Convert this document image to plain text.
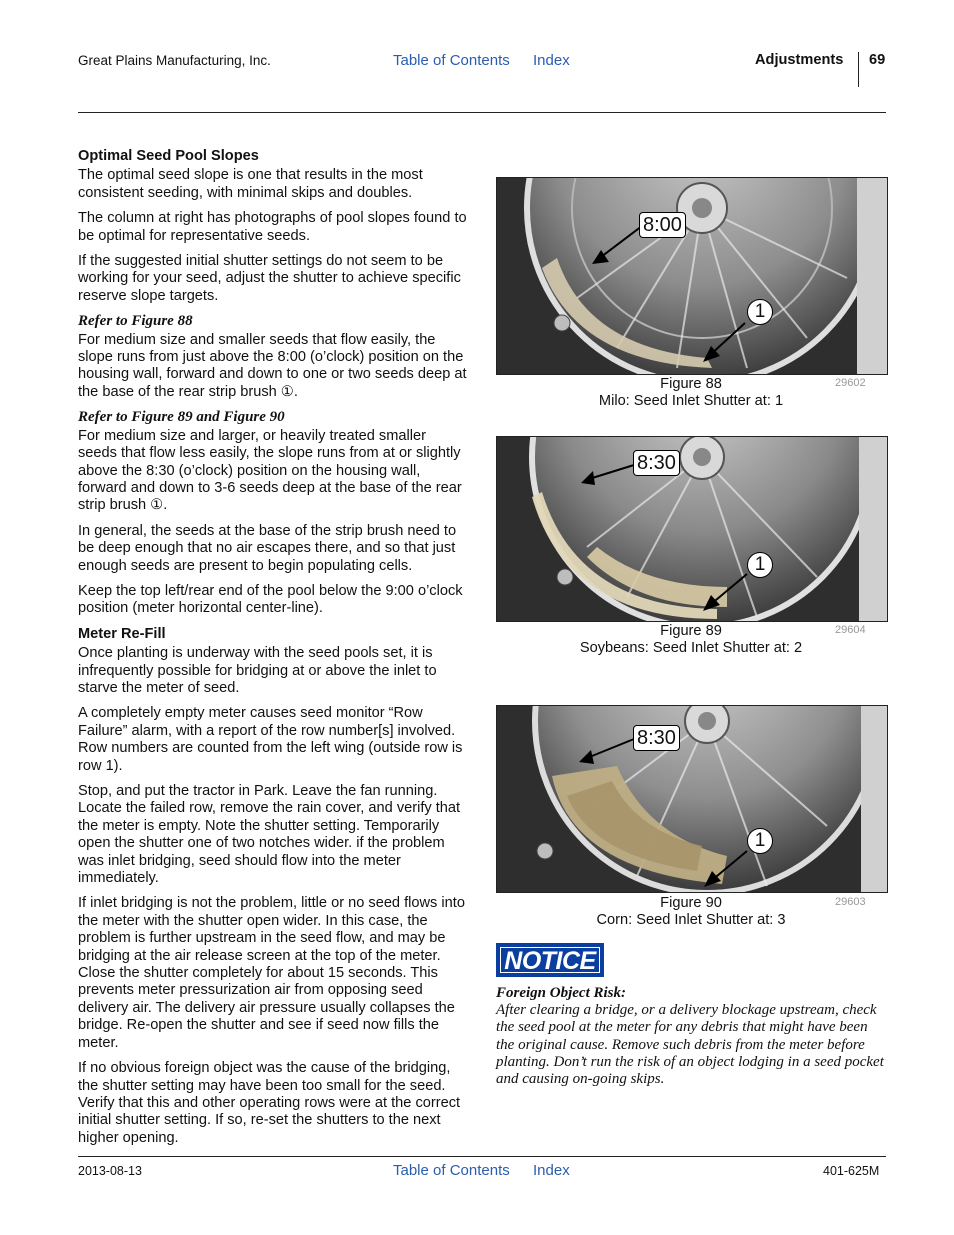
Great Plains Manufacturing, Inc.	Table of Contents Index	Adjustments 69
Optimal Seed Pool Slopes

The optimal seed slope is one that results in the most consistent seeding, with minimal skips and doubles.

The column at right has photographs of pool slopes found to be optimal for representative seeds.

If the suggested initial shutter settings do not seem to be working for your seed, adjust the shutter to achieve specific reserve slope targets.

Refer to Figure 88

For medium size and smaller seeds that flow easily, the slope runs from just above the 8:00 (o’clock) position on the housing wall, forward and down to one or two seeds deep at the base of the rear strip brush ①.

Refer to Figure 89 and Figure 90

For medium size and larger, or heavily treated smaller seeds that flow less easily, the slope runs from at or slightly above the 8:30 (o’clock) position on the housing wall, forward and down to 3-6 seeds deep at the base of the rear strip brush ①.

In general, the seeds at the base of the strip brush need to be deep enough that no air escapes there, and so that just enough seeds are present to begin populating cells.

Keep the top left/rear end of the pool below the 9:00 o’clock position (meter horizontal center-line).

Meter Re-Fill

Once planting is underway with the seed pools set, it is infrequently possible for bridging at or above the inlet to starve the meter of seed.

A completely empty meter causes seed monitor “Row Failure” alarm, with a report of the row number[s] involved. Row numbers are counted from the left wing (outside row is row 1).

Stop, and put the tractor in Park. Leave the fan running. Locate the failed row, remove the rain cover, and verify that the meter is empty. Note the shutter setting. Temporarily open the shutter one of two notches wider. if the problem was inlet bridging, seed should flow into the meter immediately.

If inlet bridging is not the problem, little or no seed flows into the meter with the shutter open wider. In this case, the problem is further upstream in the seed flow, and may be bridging at the air release screen at the top of the meter. Close the shutter completely for about 15 seconds. This prevents meter pressurization air from opposing seed delivery air. The delivery air pressure usually collapses the bridge. Re-open the shutter and see if seed now fills the meter.

If no obvious foreign object was the cause of the bridging, the shutter setting may have been too small for the seed. Verify that this and other operating rows were at the correct initial shutter setting. If so, re-set the shutters to the next higher opening.

8:00
1
Figure 88
Milo: Seed Inlet Shutter at: 1
29602
8:30
1
Figure 89
Soybeans: Seed Inlet Shutter at: 2
29604
8:30
1
Figure 90
Corn: Seed Inlet Shutter at: 3
29603
NOTICE
Foreign Object Risk:
After clearing a bridge, or a delivery blockage upstream, check the seed pool at the meter for any debris that might have been the original cause. Remove such debris from the meter before planting. Don’t run the risk of an object lodging in a seed pocket and causing on-going skips.
2013-08-13	Table of Contents Index	401-625M
